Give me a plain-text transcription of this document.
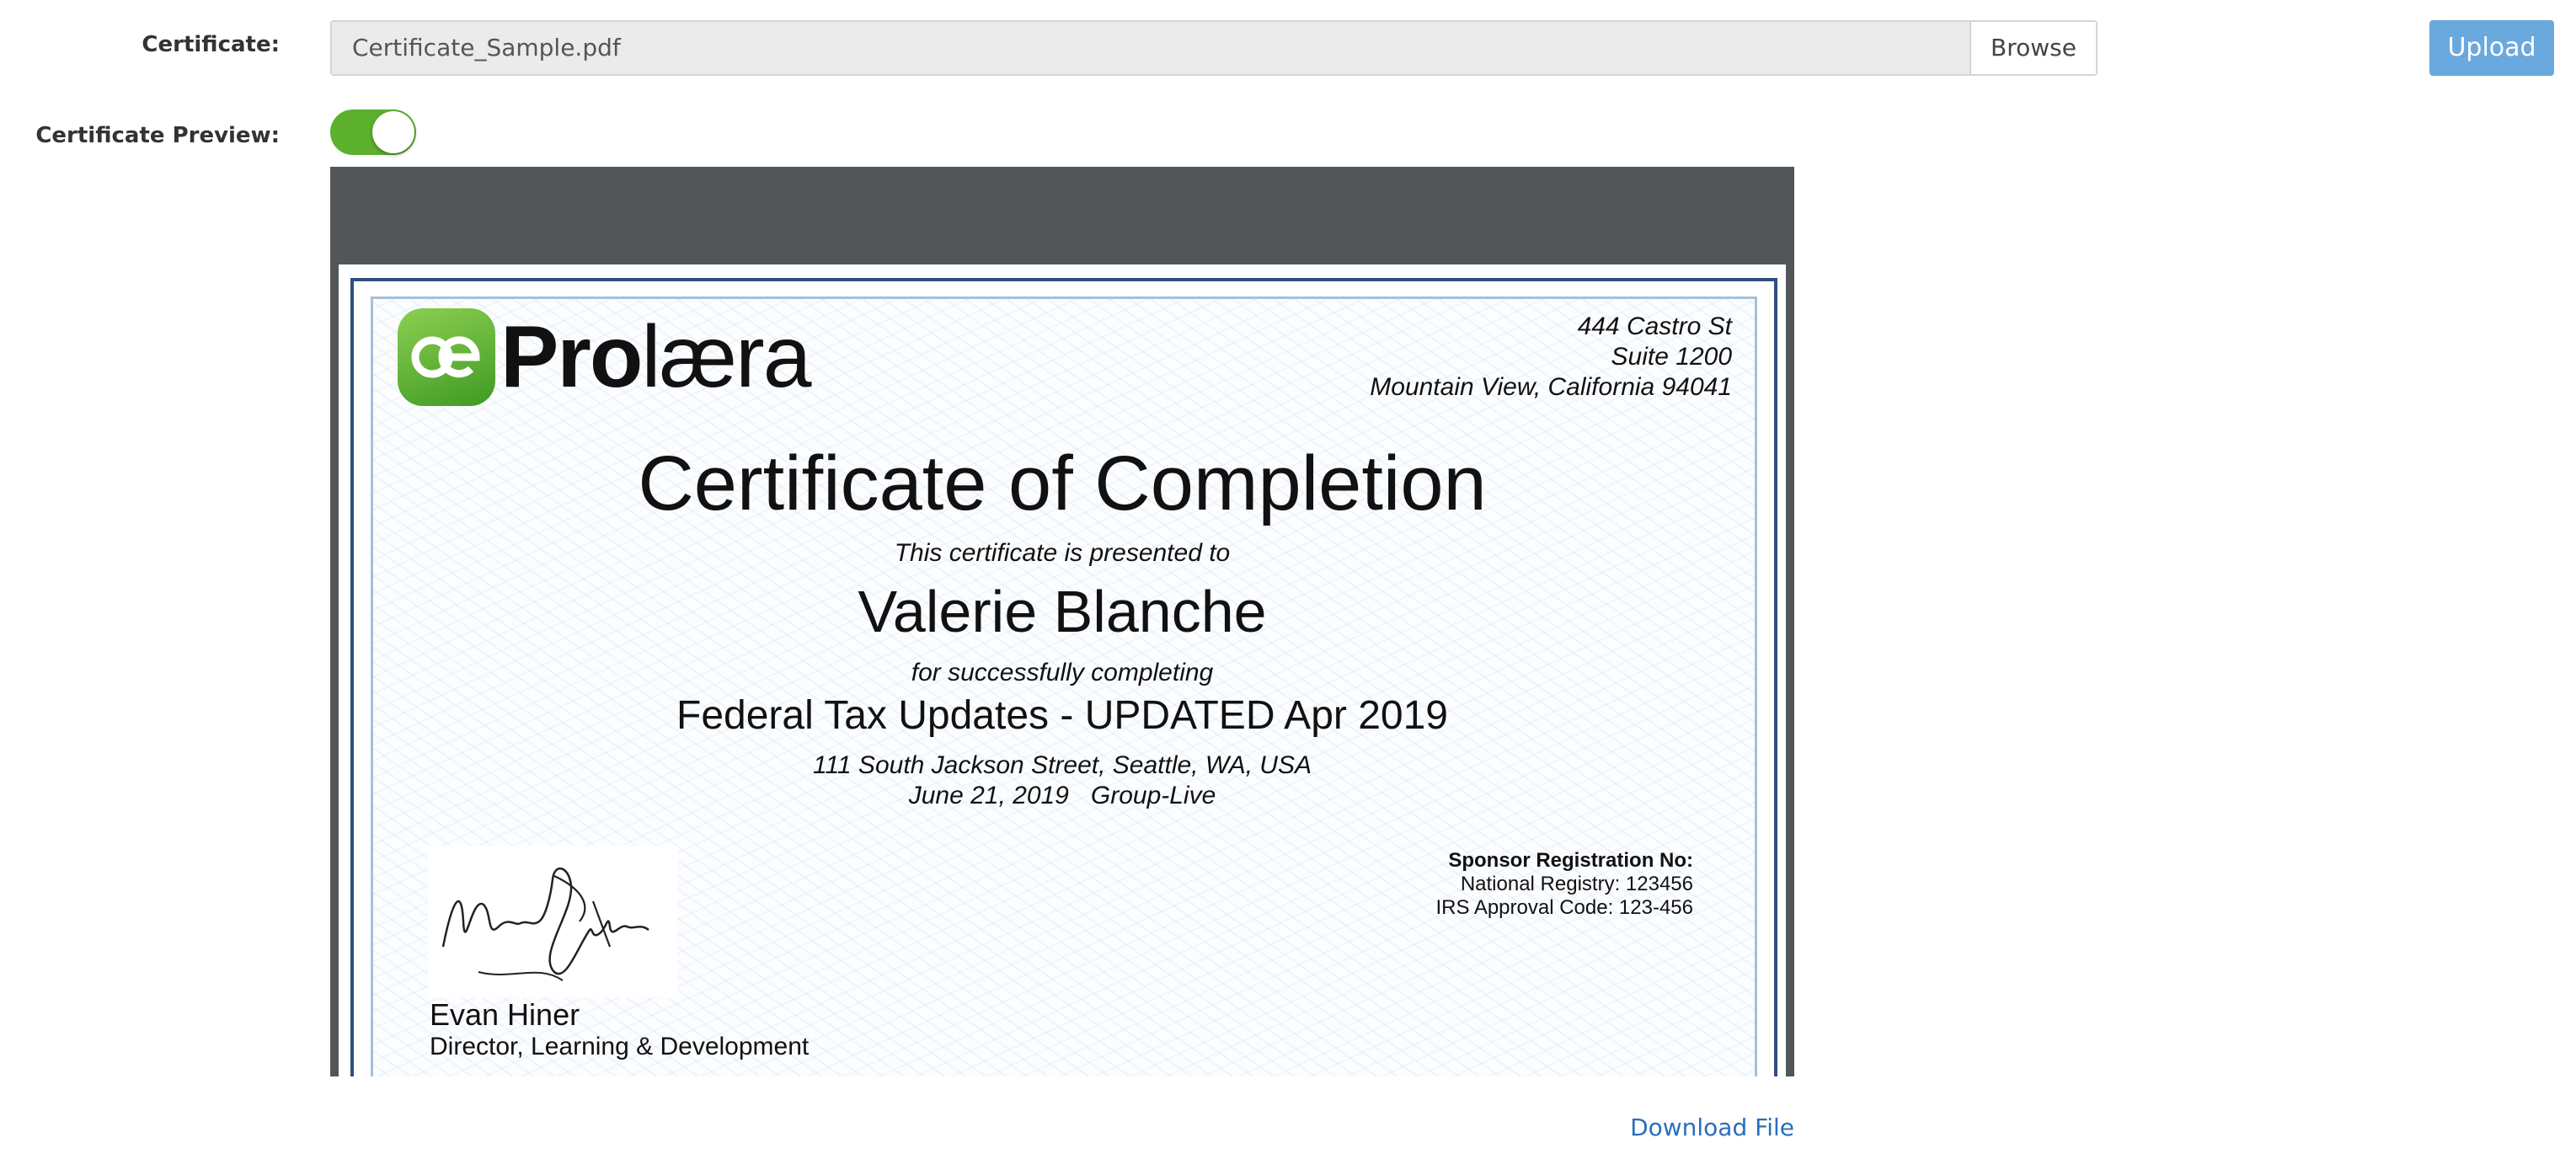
Certificate:	Certificate_Sample.pdf	Browse	Upload
Certificate Preview:
Prolæra	444 Castro St
Suite 1200
Mountain View, California 94041
Certificate of Completion
This certificate is presented to
Valerie Blanche
for successfully completing
Federal Tax Updates - UPDATED Apr 2019
111 South Jackson Street, Seattle, WA, USA
June 21, 2019 Group-Live
Evan Hiner
Director, Learning & Development
Sponsor Registration No:
National Registry: 123456
IRS Approval Code: 123-456
Download File
